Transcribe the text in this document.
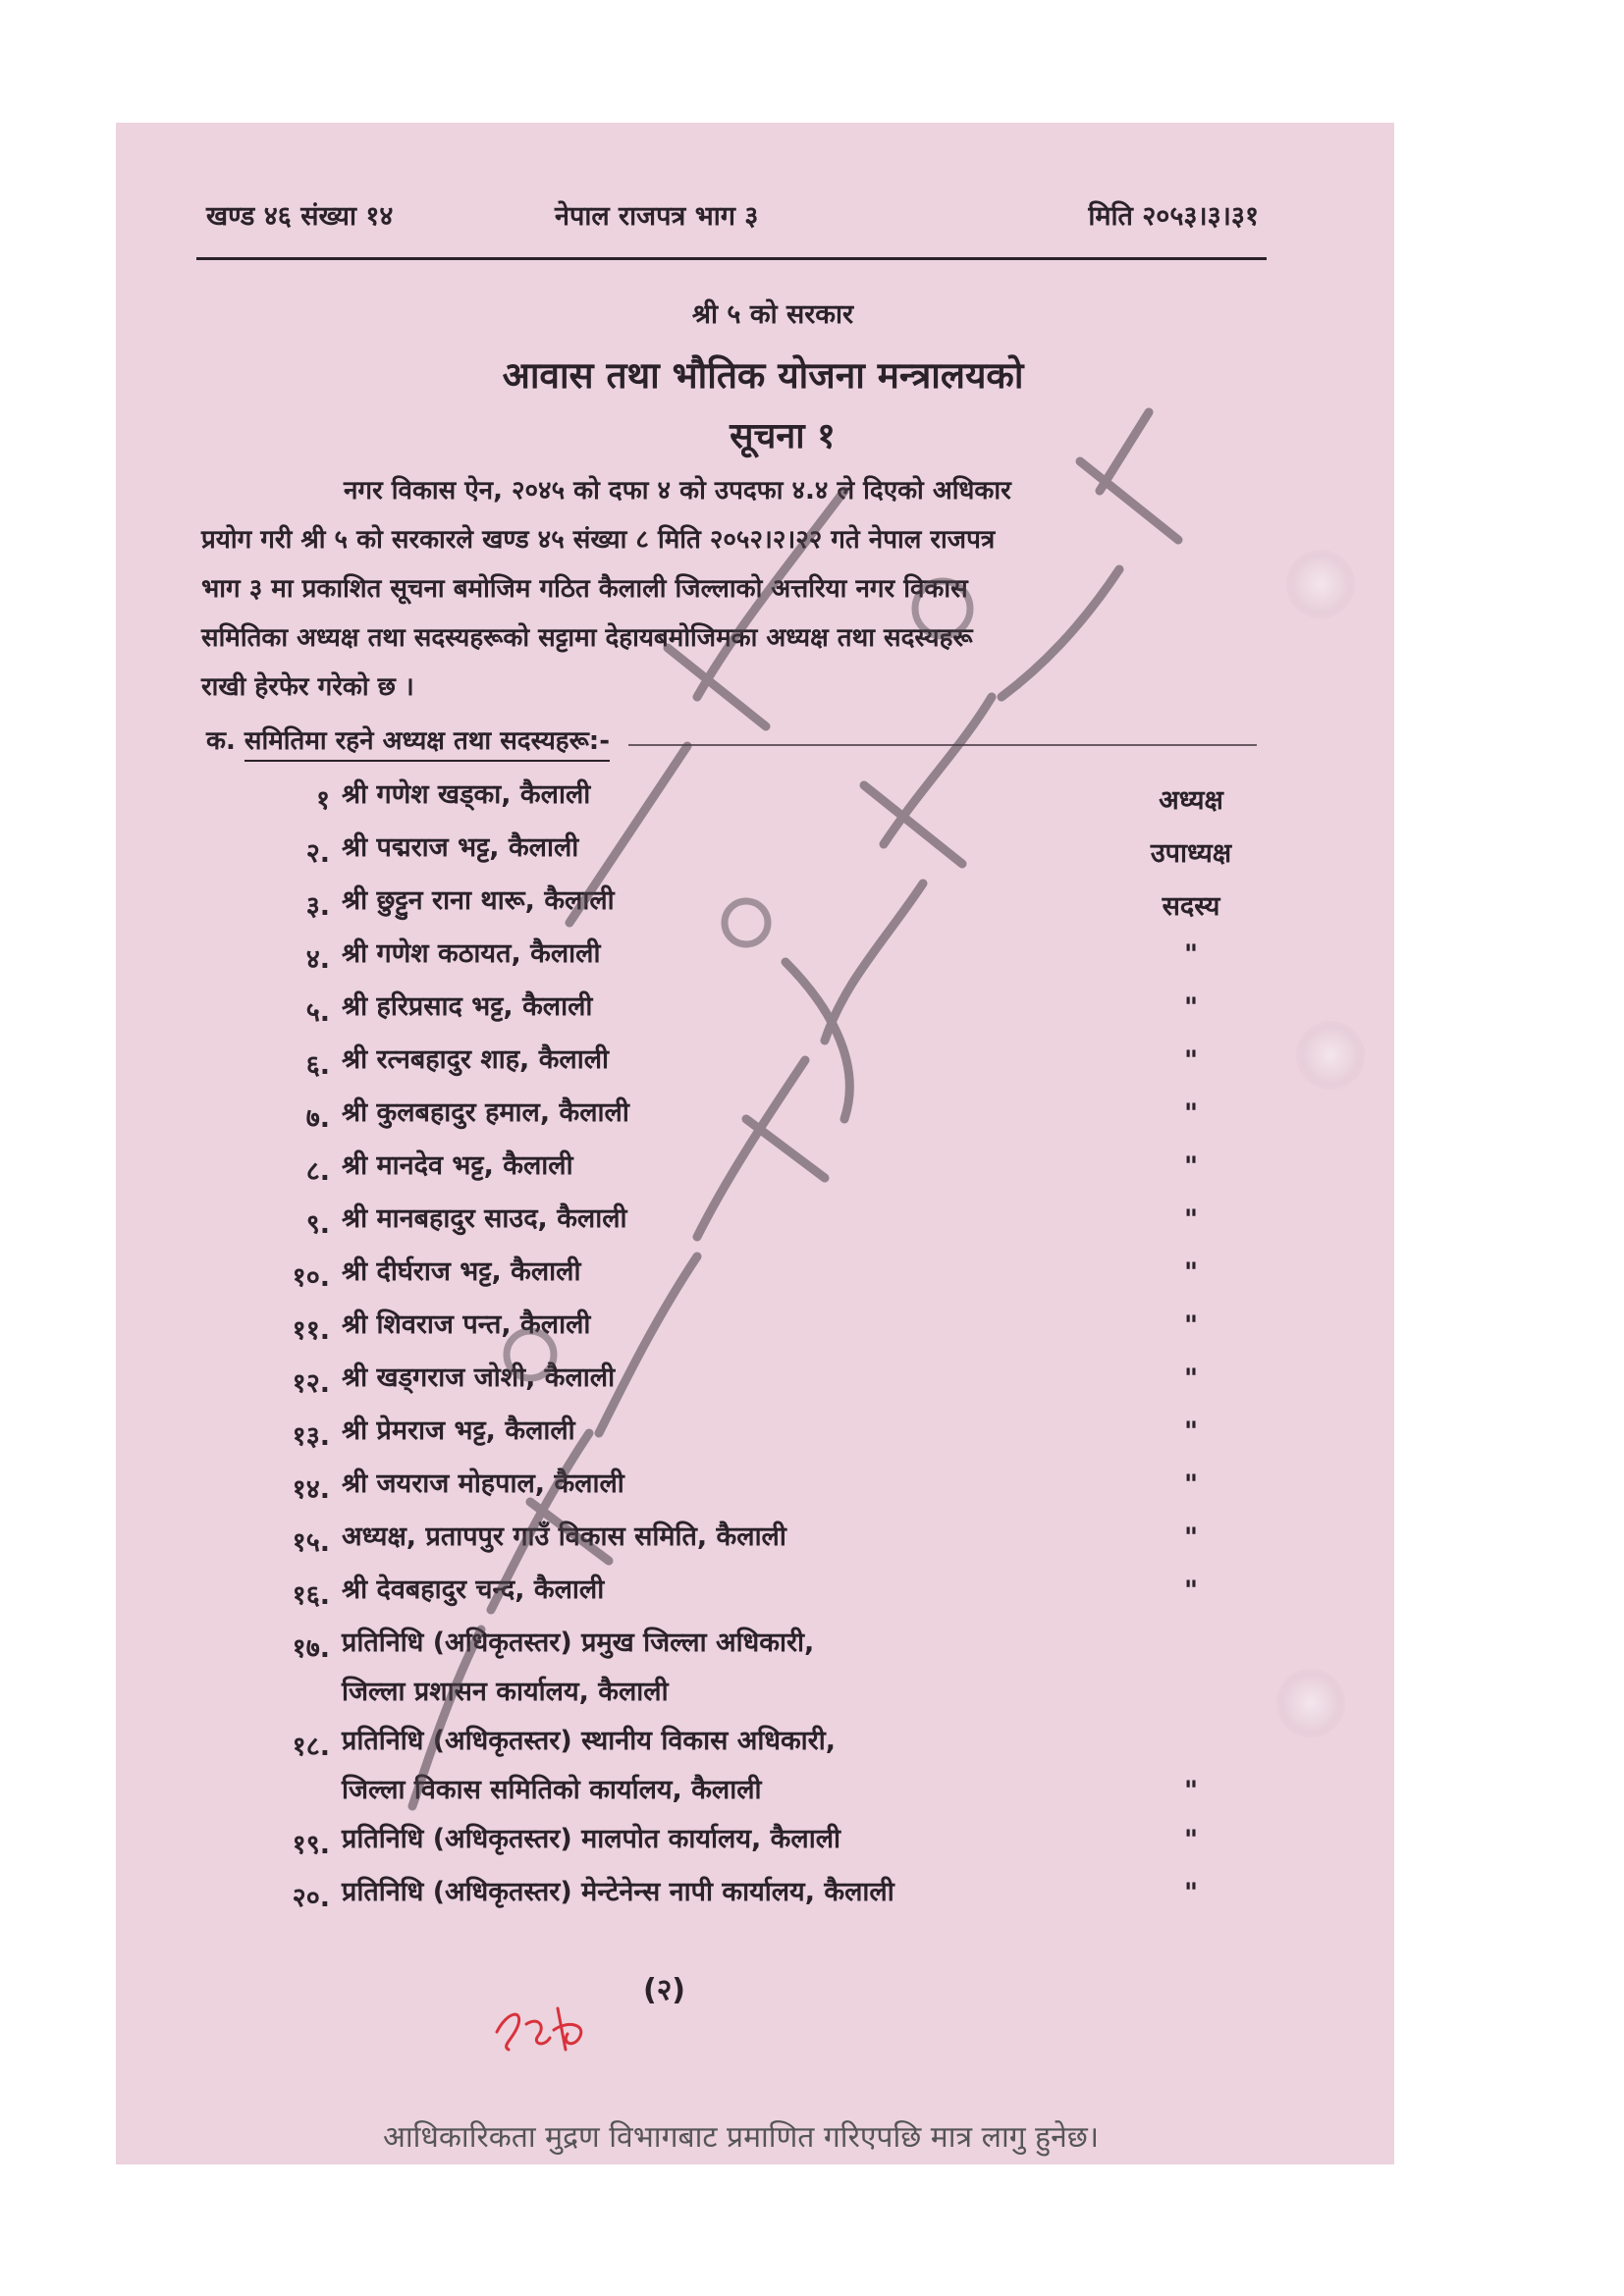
खण्ड ४६ संख्या १४	नेपाल राजपत्र भाग ३	मिति २०५३।३।३१
श्री ५ को सरकार
आवास तथा भौतिक योजना मन्त्रालयको
सूचना १
नगर विकास ऐन, २०४५ को दफा ४ को उपदफा ४.४ ले दिएको अधिकार
प्रयोग गरी श्री ५ को सरकारले खण्ड ४५ संख्या ८ मिति २०५२।२।२२ गते नेपाल राजपत्र
भाग ३ मा प्रकाशित सूचना बमोजिम गठित कैलाली जिल्लाको अत्तरिया नगर विकास
समितिका अध्यक्ष तथा सदस्यहरूको सट्टामा देहायबमोजिमका अध्यक्ष तथा सदस्यहरू
राखी हेरफेर गरेको छ ।
क. समितिमा रहने अध्यक्ष तथा सदस्यहरू:-
१ श्री गणेश खड्का, कैलाली	अध्यक्ष
२. श्री पद्मराज भट्ट, कैलाली	उपाध्यक्ष
३. श्री छुट्टुन राना थारू, कैलाली	सदस्य
४. श्री गणेश कठायत, कैलाली	"
५. श्री हरिप्रसाद भट्ट, कैलाली	"
६. श्री रत्नबहादुर शाह, कैलाली	"
७. श्री कुलबहादुर हमाल, कैलाली	"
८. श्री मानदेव भट्ट, कैलाली	"
९. श्री मानबहादुर साउद, कैलाली	"
१०. श्री दीर्घराज भट्ट, कैलाली	"
११. श्री शिवराज पन्त, कैलाली	"
१२. श्री खड्गराज जोशी, कैलाली	"
१३. श्री प्रेमराज भट्ट, कैलाली	"
१४. श्री जयराज मोहपाल, कैलाली	"
१५. अध्यक्ष, प्रतापपुर गाउँ विकास समिति, कैलाली	"
१६. श्री देवबहादुर चन्द, कैलाली	"
१७. प्रतिनिधि (अधिकृतस्तर) प्रमुख जिल्ला अधिकारी,
जिल्ला प्रशासन कार्यालय, कैलाली
१८. प्रतिनिधि (अधिकृतस्तर) स्थानीय विकास अधिकारी,
जिल्ला विकास समितिको कार्यालय, कैलाली	"
१९. प्रतिनिधि (अधिकृतस्तर) मालपोत कार्यालय, कैलाली	"
२०. प्रतिनिधि (अधिकृतस्तर) मेन्टेनेन्स नापी कार्यालय, कैलाली	"
(२)
आधिकारिकता मुद्रण विभागबाट प्रमाणित गरिएपछि मात्र लागु हुनेछ।
